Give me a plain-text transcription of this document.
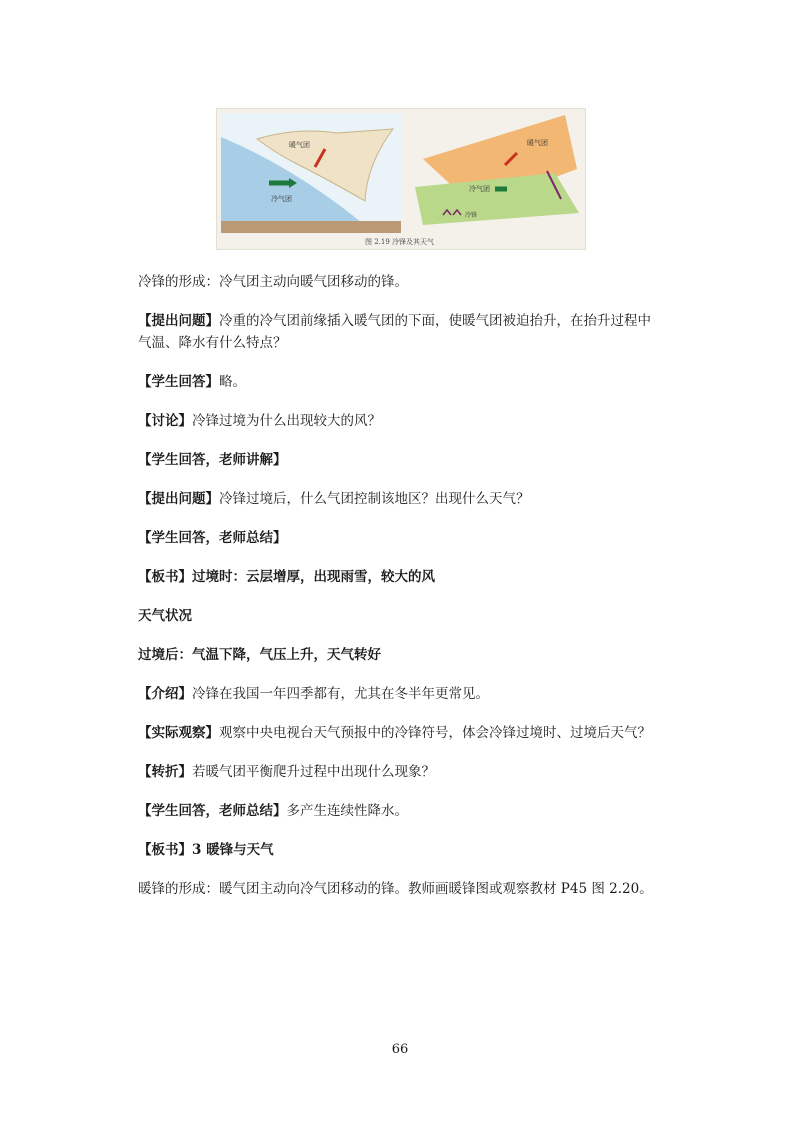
暖气团
冷气团
暖气团
冷气团
冷锋
图 2.19 冷锋及其天气
冷锋的形成：冷气团主动向暖气团移动的锋。
【提出问题】冷重的冷气团前缘插入暖气团的下面，使暖气团被迫抬升，在抬升过程中
气温、降水有什么特点？
【学生回答】略。
【讨论】冷锋过境为什么出现较大的风？
【学生回答，老师讲解】
【提出问题】冷锋过境后，什么气团控制该地区？出现什么天气？
【学生回答，老师总结】
【板书】过境时：云层增厚，出现雨雪，较大的风
天气状况
过境后：气温下降，气压上升，天气转好
【介绍】冷锋在我国一年四季都有，尤其在冬半年更常见。
【实际观察】观察中央电视台天气预报中的冷锋符号，体会冷锋过境时、过境后天气？
【转折】若暖气团平衡爬升过程中出现什么现象？
【学生回答，老师总结】多产生连续性降水。
【板书】3 暖锋与天气
暖锋的形成：暖气团主动向冷气团移动的锋。教师画暖锋图或观察教材 P45 图 2.20。
66
